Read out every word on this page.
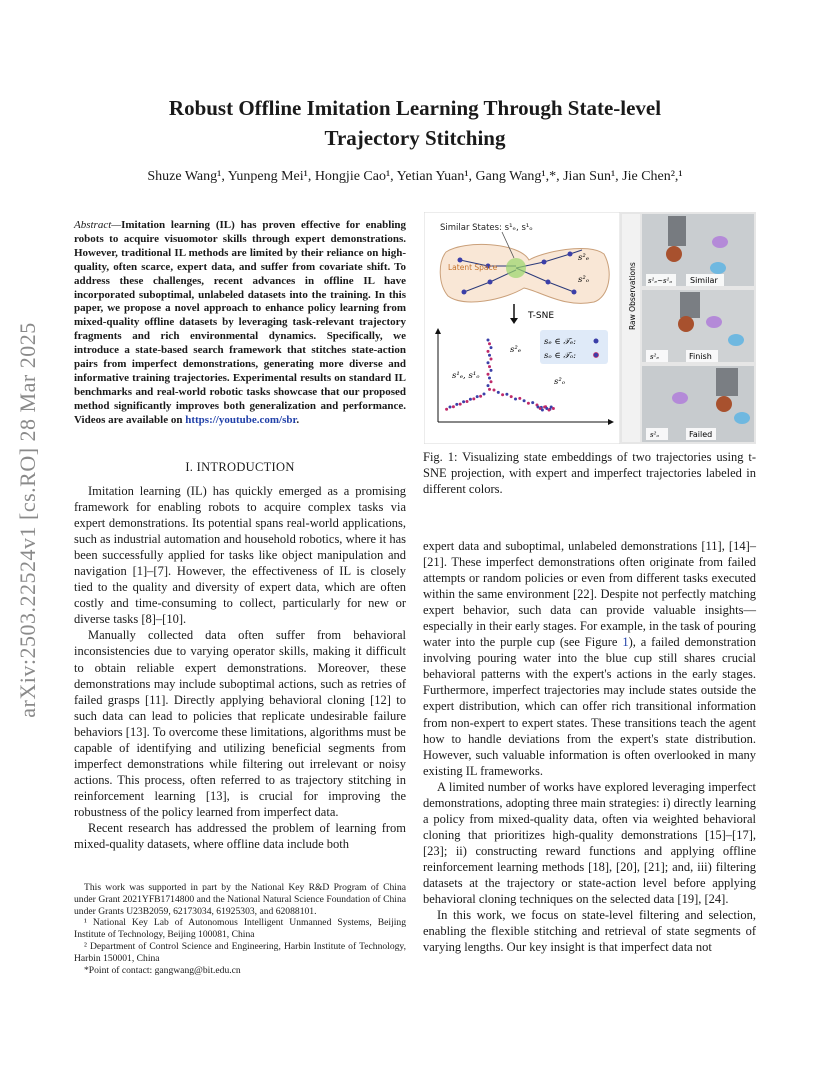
Robust Offline Imitation Learning Through State-level
Trajectory Stitching
Shuze Wang¹, Yunpeng Mei¹, Hongjie Cao¹, Yetian Yuan¹, Gang Wang¹,*, Jian Sun¹, Jie Chen²,¹
arXiv:2503.22524v1 [cs.RO] 28 Mar 2025
Abstract—Imitation learning (IL) has proven effective for enabling robots to acquire visuomotor skills through expert demonstrations. However, traditional IL methods are limited by their reliance on high-quality, often scarce, expert data, and suffer from covariate shift. To address these challenges, recent advances in offline IL have incorporated suboptimal, unlabeled datasets into the training. In this paper, we propose a novel approach to enhance policy learning from mixed-quality offline datasets by leveraging task-relevant trajectory fragments and rich environmental dynamics. Specifically, we introduce a state-based search framework that stitches state-action pairs from imperfect demonstrations, generating more diverse and informative training trajectories. Experimental results on standard IL benchmarks and real-world robotic tasks showcase that our proposed method significantly improves both generalization and performance. Videos are available on https://youtube.com/sbr.
I. INTRODUCTION

Imitation learning (IL) has quickly emerged as a promising framework for enabling robots to acquire complex tasks via expert demonstrations. Its potential spans real-world applications, such as industrial automation and household robotics, where it has been successfully applied for tasks like object manipulation and navigation [1]–[7]. However, the effectiveness of IL is closely tied to the quality and diversity of expert data, which are often costly and time-consuming to collect, particularly for new or diverse tasks [8]–[10].

Manually collected data often suffer from behavioral inconsistencies due to varying operator skills, making it difficult to obtain reliable expert demonstrations. Moreover, these demonstrations may include suboptimal actions, such as retries of failed grasps [11]. Directly applying behavioral cloning [12] to such data can lead to policies that replicate undesirable failure behaviors [13]. To overcome these limitations, algorithms must be capable of identifying and utilizing beneficial segments from imperfect demonstrations while filtering out irrelevant or noisy actions. This process, often referred to as trajectory stitching in reinforcement learning [13], is crucial for improving the robustness of the policy learned from imperfect data.

Recent research has addressed the problem of learning from mixed-quality datasets, where offline data include both

This work was supported in part by the National Key R&D Program of China under Grant 2021YFB1714800 and the National Natural Science Foundation of China under Grants U23B2059, 62173034, 61925303, and 62088101.

¹ National Key Lab of Autonomous Intelligent Unmanned Systems, Beijing Institute of Technology, Beijing 100081, China

² Department of Control Science and Engineering, Harbin Institute of Technology, Harbin 150001, China

*Point of contact: gangwang@bit.edu.cn

Similar States: s¹ₑ, s¹ₒ
Latent Space
s²ₑ
s²ₒ
T-SNE
sₑ ∈ 𝒯ₑ:
sₒ ∈ 𝒯ₒ:
s²ₑ
s¹ₑ, s¹ₒ
s²ₒ
Raw Observations s¹ₑ~s¹ₒ Similar
s²ₑ	Finish
s²ₒ	Failed
Fig. 1: Visualizing state embeddings of two trajectories using t-SNE projection, with expert and imperfect trajectories labeled in different colors.

expert data and suboptimal, unlabeled demonstrations [11], [14]–[21]. These imperfect demonstrations often originate from failed attempts or random policies or even from different tasks executed within the same environment [22]. Despite not perfectly matching expert behavior, such data can provide valuable insights—especially in their early stages. For example, in the task of pouring water into the purple cup (see Figure 1), a failed demonstration involving pouring water into the blue cup still shares crucial behavioral patterns with the expert's actions in the early stages. Furthermore, imperfect trajectories may include states outside the expert distribution, which can offer rich transitional information from non-expert to expert states. These transitions teach the agent how to handle deviations from the expert's state distribution. However, such valuable information is often overlooked in many existing IL frameworks.

A limited number of works have explored leveraging imperfect demonstrations, adopting three main strategies: i) directly learning a policy from mixed-quality data, often via weighted behavioral cloning that prioritizes high-quality demonstrations [15]–[17], [23]; ii) constructing reward functions and applying offline reinforcement learning methods [18], [20], [21]; and, iii) filtering datasets at the trajectory or state-action level before applying behavioral cloning techniques on the selected data [19], [24].

In this work, we focus on state-level filtering and selection, enabling the flexible stitching and retrieval of state segments of varying lengths. Our key insight is that imperfect data not
